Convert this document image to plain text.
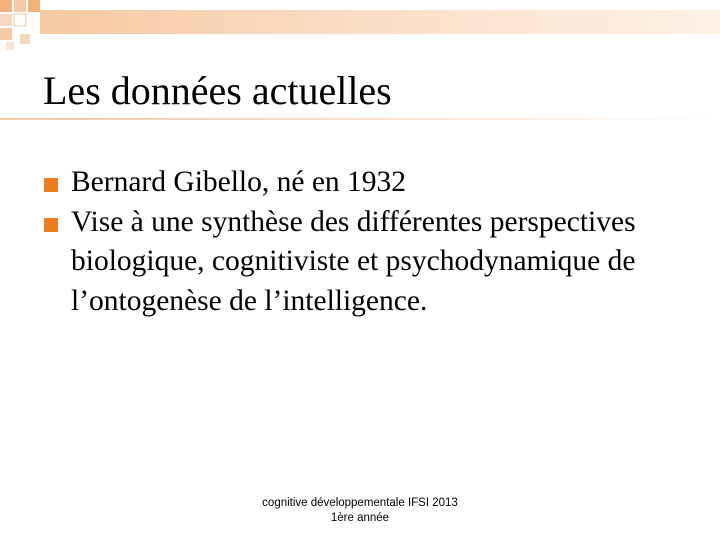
Les données actuelles
Bernard Gibello, né en 1932
Vise à une synthèse des différentes perspectives biologique, cognitiviste et psychodynamique de l’ontogenèse de l’intelligence.
cognitive développementale IFSI 2013
1ère année
